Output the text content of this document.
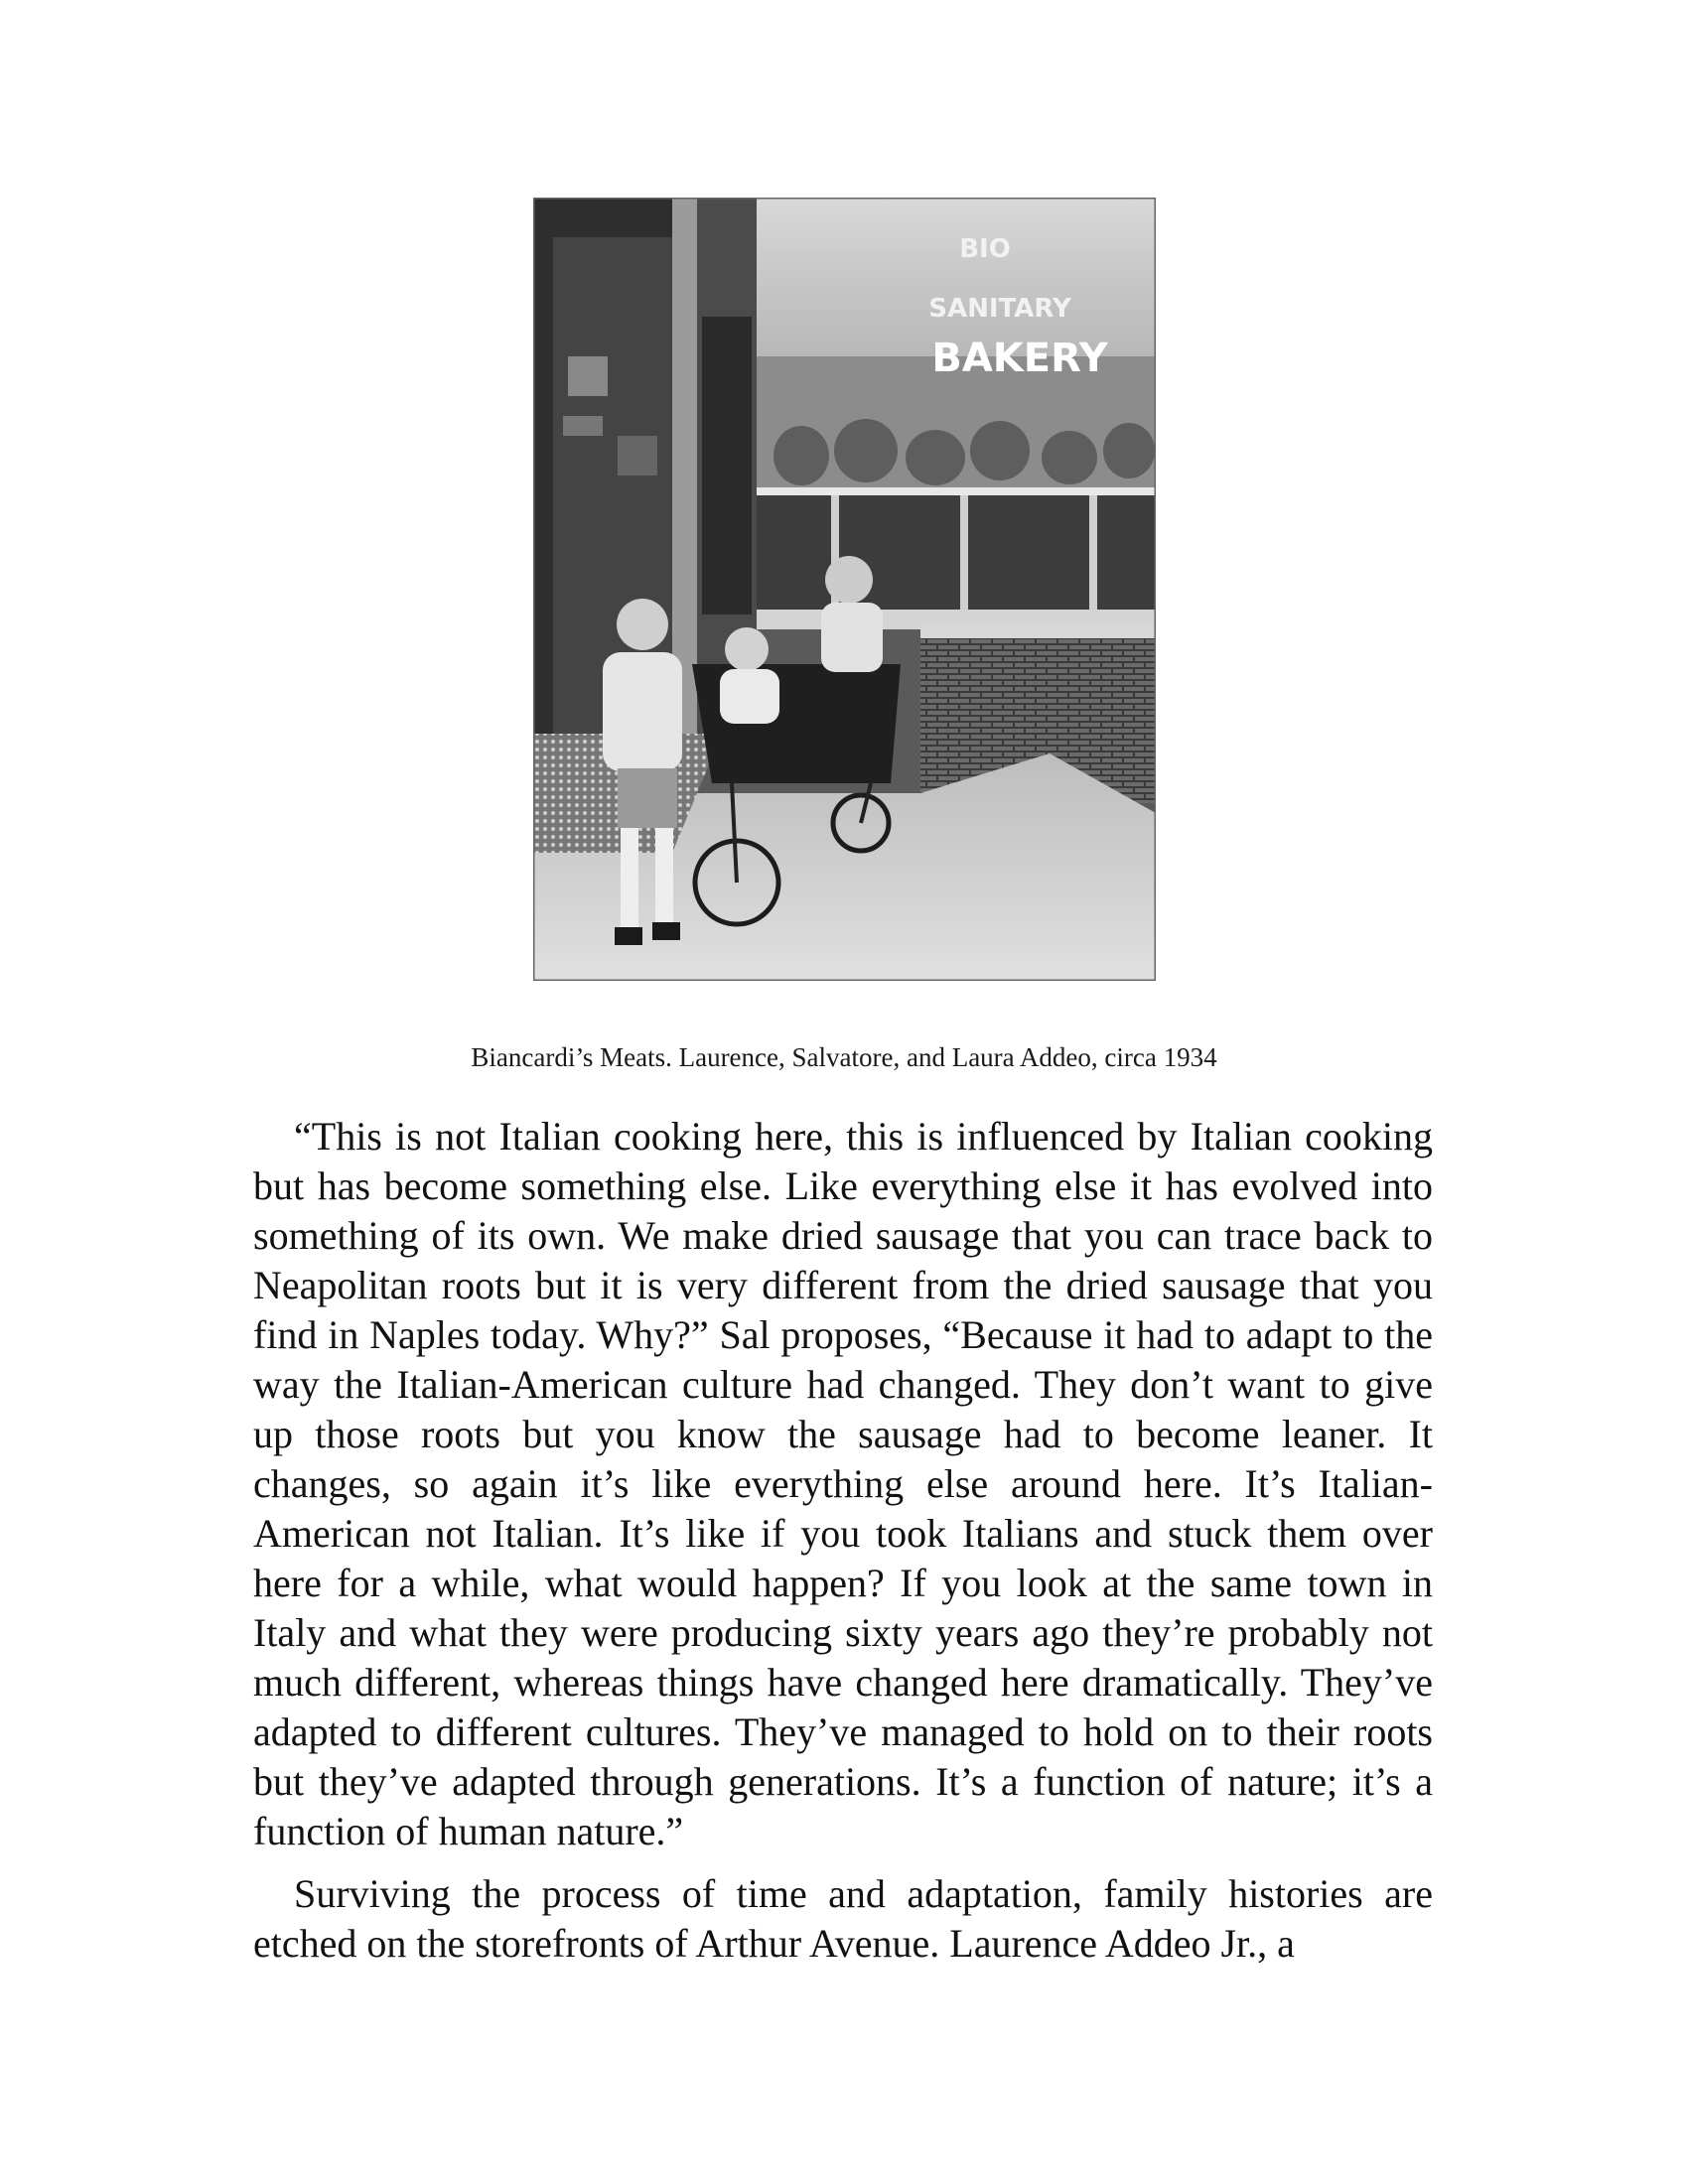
BIO
SANITARY
BAKERY
Biancardi’s Meats. Laurence, Salvatore, and Laura Addeo, circa 1934

“This is not Italian cooking here, this is influenced by Italian cooking but has become something else. Like everything else it has evolved into something of its own. We make dried sausage that you can trace back to Neapolitan roots but it is very different from the dried sausage that you find in Naples today. Why?” Sal proposes, “Because it had to adapt to the way the Italian-American culture had changed. They don’t want to give up those roots but you know the sausage had to become leaner. It changes, so again it’s like everything else around here. It’s Italian-American not Italian. It’s like if you took Italians and stuck them over here for a while, what would happen? If you look at the same town in Italy and what they were producing sixty years ago they’re probably not much different, whereas things have changed here dramatically. They’ve adapted to different cultures. They’ve managed to hold on to their roots but they’ve adapted through generations. It’s a function of nature; it’s a function of human nature.”

Surviving the process of time and adaptation, family histories are etched on the storefronts of Arthur Avenue. Laurence Addeo Jr., a
